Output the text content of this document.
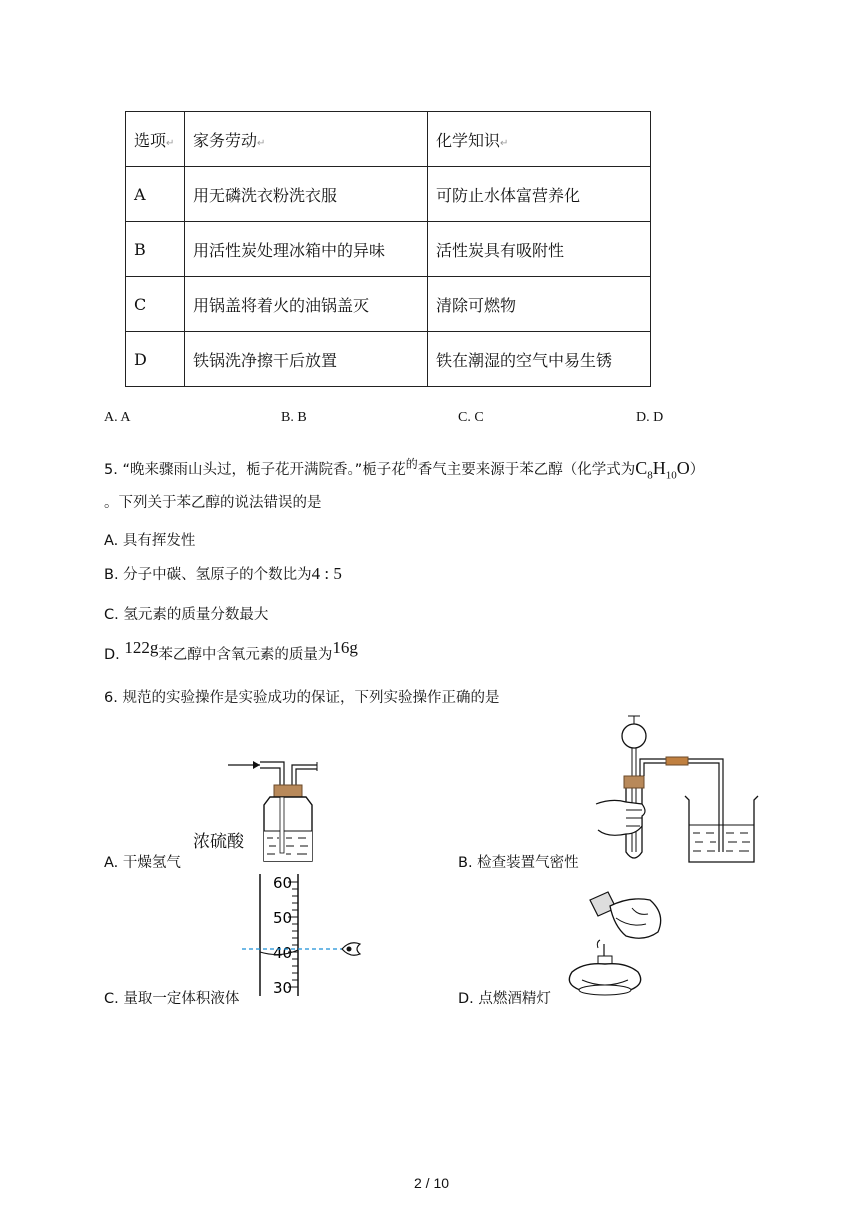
选项↵	家务劳动↵	化学知识↵
A	用无磷洗衣粉洗衣服	可防止水体富营养化
B	用活性炭处理冰箱中的异味	活性炭具有吸附性
C	用锅盖将着火的油锅盖灭	清除可燃物
D	铁锅洗净擦干后放置	铁在潮湿的空气中易生锈
A. A	B. B	C. C	D. D
5. “晚来骤雨山头过，栀子花开满院香。”栀子花$^的$香气主要来源于苯乙醇（化学式为$C_8H_{10}O$）
。下列关于苯乙醇的说法错误的是
A. 具有挥发性
B. 分子中碳、氢原子的个数比为4 : 5
C. 氢元素的质量分数最大
D. 122g苯乙醇中含氧元素的质量为16g
6. 规范的实验操作是实验成功的保证，下列实验操作正确的是
浓硫酸
A. 干燥氢气	B. 检查装置气密性
60
50
40
30
C. 量取一定体积液体	D. 点燃酒精灯
2 / 10
